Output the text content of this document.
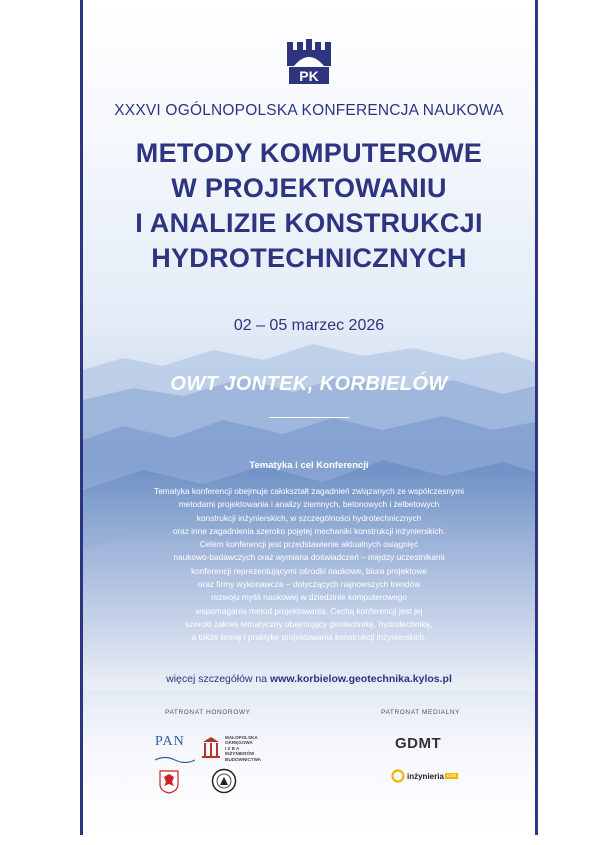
PK
XXXVI OGÓLNOPOLSKA KONFERENCJA NAUKOWA
METODY KOMPUTEROWE
W PROJEKTOWANIU
I ANALIZIE KONSTRUKCJI
HYDROTECHNICZNYCH
02 – 05 marzec 2026
OWT JONTEK, KORBIELÓW
Tematyka i cel Konferencji
Tematyka konferencji obejmuje całokształt zagadnień związanych ze współczesnymi
metodami projektowania i analizy ziemnych, betonowych i żelbetowych
konstrukcji inżynierskich, w szczególności hydrotechnicznych
oraz inne zagadnienia szeroko pojętej mechaniki konstrukcji inżynierskich.
Celem konferencji jest przedstawienie aktualnych osiągnięć
naukowo-badawczych oraz wymiana doświadczeń – między uczestnikami
konferencji reprezentującymi ośrodki naukowe, biura projektowe
oraz firmy wykonawcze – dotyczących najnowszych trendów
rozwoju myśli naukowej w dziedzinie komputerowego
wspomagania metod projektowania. Cechą konferencji jest jej
szeroki zakres tematyczny obejmujący geotechnikę, hydrotechnikę,
a także teorię i praktykę projektowania konstrukcji inżynierskich.
więcej szczegółów na www.korbielow.geotechnika.kylos.pl
PATRONAT HONOROWY	PATRONAT MEDIALNY
PAN	MAŁOPOLSKA
OKRĘGOWA
I Z B A
INŻYNIERÓW
BUDOWNICTWA
GDMT
inżynieria com
